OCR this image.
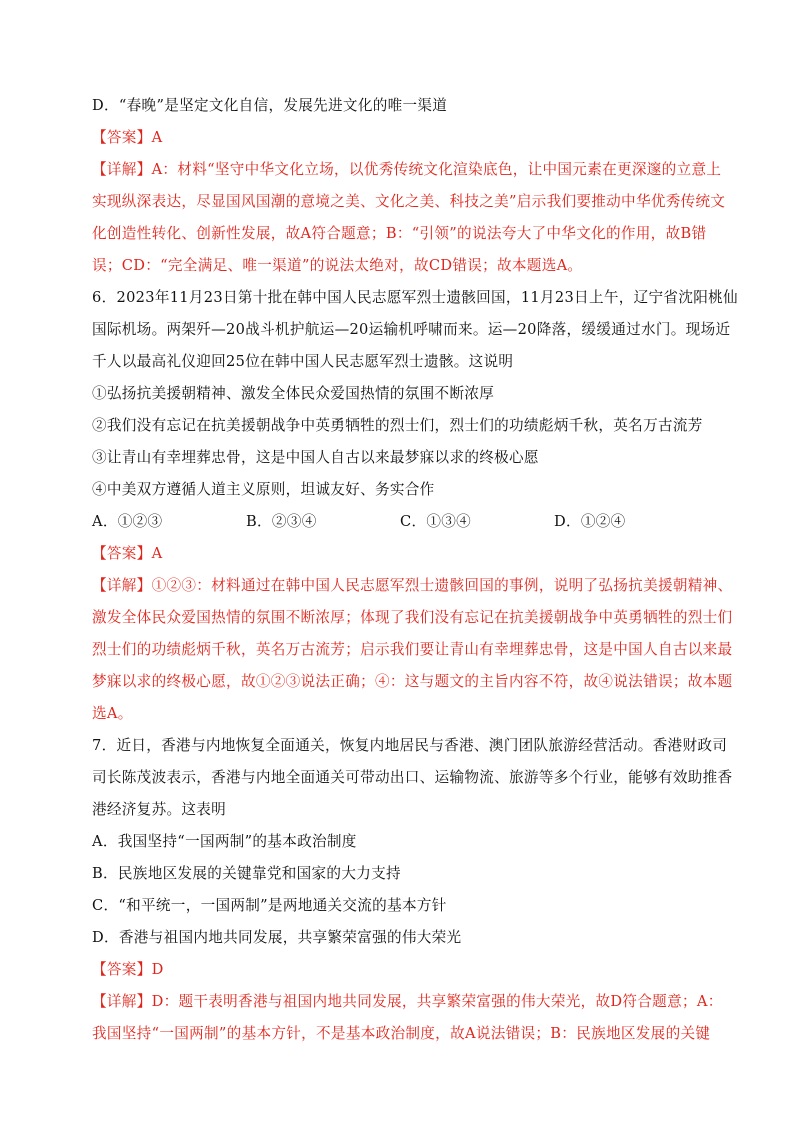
D．“春晚”是坚定文化自信，发展先进文化的唯一渠道
【答案】A
【详解】A：材料“坚守中华文化立场，以优秀传统文化渲染底色，让中国元素在更深邃的立意上
实现纵深表达，尽显国风国潮的意境之美、文化之美、科技之美”启示我们要推动中华优秀传统文
化创造性转化、创新性发展，故A符合题意；B：“引领”的说法夸大了中华文化的作用，故B错
误；CD：“完全满足、唯一渠道”的说法太绝对，故CD错误；故本题选A。
6．2023年11月23日第十批在韩中国人民志愿军烈士遗骸回国，11月23日上午，辽宁省沈阳桃仙
国际机场。两架歼—20战斗机护航运—20运输机呼啸而来。运—20降落，缓缓通过水门。现场近
千人以最高礼仪迎回25位在韩中国人民志愿军烈士遗骸。这说明
①弘扬抗美援朝精神、激发全体民众爱国热情的氛围不断浓厚
②我们没有忘记在抗美援朝战争中英勇牺牲的烈士们，烈士们的功绩彪炳千秋，英名万古流芳
③让青山有幸埋葬忠骨，这是中国人自古以来最梦寐以求的终极心愿
④中美双方遵循人道主义原则，坦诚友好、务实合作
A．①②③	B．②③④	C．①③④	D．①②④
【答案】A
【详解】①②③：材料通过在韩中国人民志愿军烈士遗骸回国的事例，说明了弘扬抗美援朝精神、
激发全体民众爱国热情的氛围不断浓厚；体现了我们没有忘记在抗美援朝战争中英勇牺牲的烈士们
烈士们的功绩彪炳千秋，英名万古流芳；启示我们要让青山有幸埋葬忠骨，这是中国人自古以来最
梦寐以求的终极心愿，故①②③说法正确；④：这与题文的主旨内容不符，故④说法错误；故本题
选A。
7．近日，香港与内地恢复全面通关，恢复内地居民与香港、澳门团队旅游经营活动。香港财政司
司长陈茂波表示，香港与内地全面通关可带动出口、运输物流、旅游等多个行业，能够有效助推香
港经济复苏。这表明
A．我国坚持“一国两制”的基本政治制度
B．民族地区发展的关键靠党和国家的大力支持
C．“和平统一，一国两制”是两地通关交流的基本方针
D．香港与祖国内地共同发展，共享繁荣富强的伟大荣光
【答案】D
【详解】D：题干表明香港与祖国内地共同发展，共享繁荣富强的伟大荣光，故D符合题意；A：
我国坚持“一国两制”的基本方针，不是基本政治制度，故A说法错误；B：民族地区发展的关键
